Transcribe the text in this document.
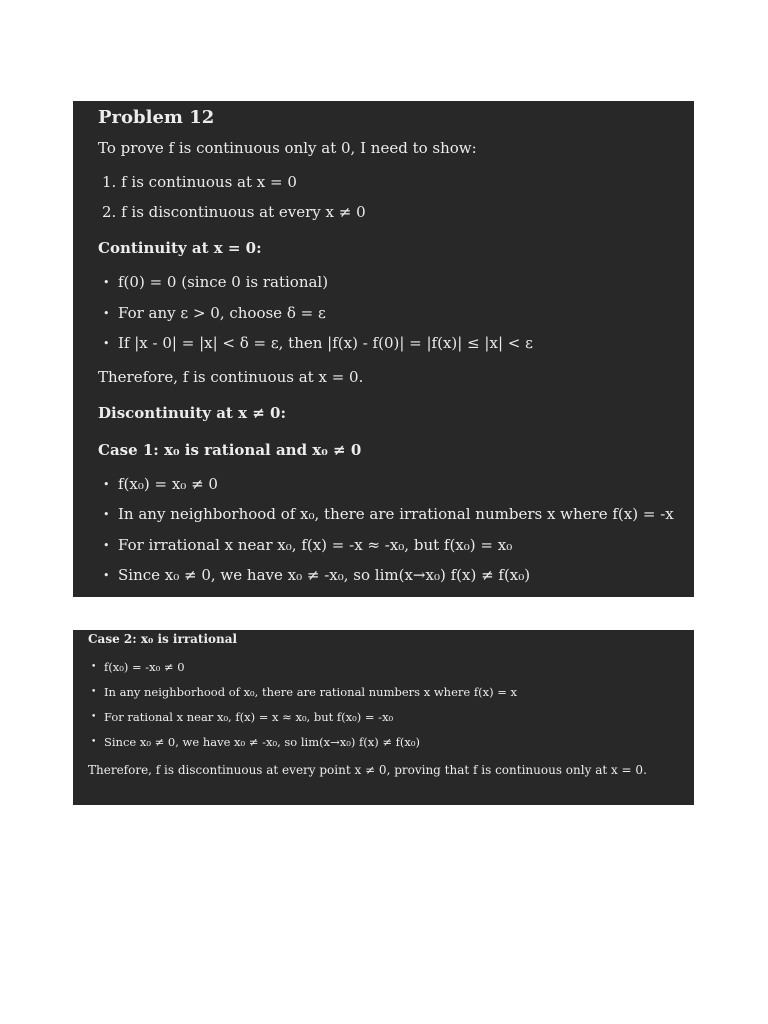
Problem 12
To prove f is continuous only at 0, I need to show:
1. f is continuous at x = 0
2. f is discontinuous at every x ≠ 0
Continuity at x = 0:
• f(0) = 0 (since 0 is rational)
• For any ε > 0, choose δ = ε
• If |x - 0| = |x| < δ = ε, then |f(x) - f(0)| = |f(x)| ≤ |x| < ε
Therefore, f is continuous at x = 0.
Discontinuity at x ≠ 0:
Case 1: x₀ is rational and x₀ ≠ 0
• f(x₀) = x₀ ≠ 0
• In any neighborhood of x₀, there are irrational numbers x where f(x) = -x
• For irrational x near x₀, f(x) = -x ≈ -x₀, but f(x₀) = x₀
• Since x₀ ≠ 0, we have x₀ ≠ -x₀, so lim(x→x₀) f(x) ≠ f(x₀)
Case 2: x₀ is irrational
• f(x₀) = -x₀ ≠ 0
• In any neighborhood of x₀, there are rational numbers x where f(x) = x
• For rational x near x₀, f(x) = x ≈ x₀, but f(x₀) = -x₀
• Since x₀ ≠ 0, we have x₀ ≠ -x₀, so lim(x→x₀) f(x) ≠ f(x₀)
Therefore, f is discontinuous at every point x ≠ 0, proving that f is continuous only at x = 0.
